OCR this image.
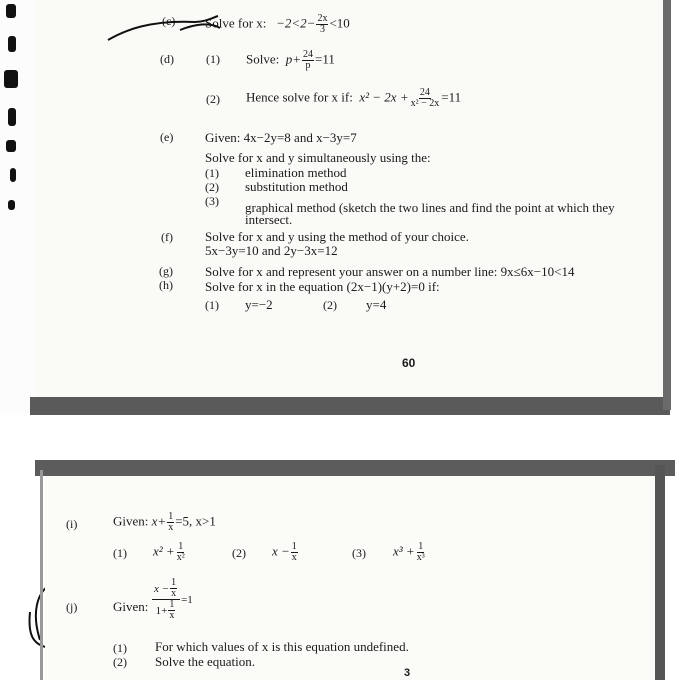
(c) Solve for x: $-2<2- \frac{2x}{3} <10$
(d)	(1) Solve: $p+ \frac{24}{p} =11$
(2) Hence solve for x if: $x^2 - 2x + \frac{24}{\text{x² − 2x}} =11$
(e) Given: 4x−2y=8 and x−3y=7
Solve for x and y simultaneously using the:
(1) elimination method
(2) substitution method
(3) graphical method (sketch the two lines and find the point at which they
intersect.
(f) Solve for x and y using the method of your choice.
5x−3y=10 and 2y−3x=12
(g) Solve for x and represent your answer on a number line: 9x≤6x−10<14
(h) Solve for x in the equation (2x−1)(y+2)=0 if:
(1) y=−2	(2) y=4
60
(i)	Given: $x+ \frac{1}{x} =5$, x>1
(1) $x^2 + \frac{1}{\text{x²}}$	(2) $x - \frac{1}{x}$	(3) $x^3 + \frac{1}{\text{x³}}$
(j)	Given: $\frac{x - \frac{1}{x}}{1+ \frac{1}{x}} =1$
(1) For which values of x is this equation undefined.
(2) Solve the equation.
3
